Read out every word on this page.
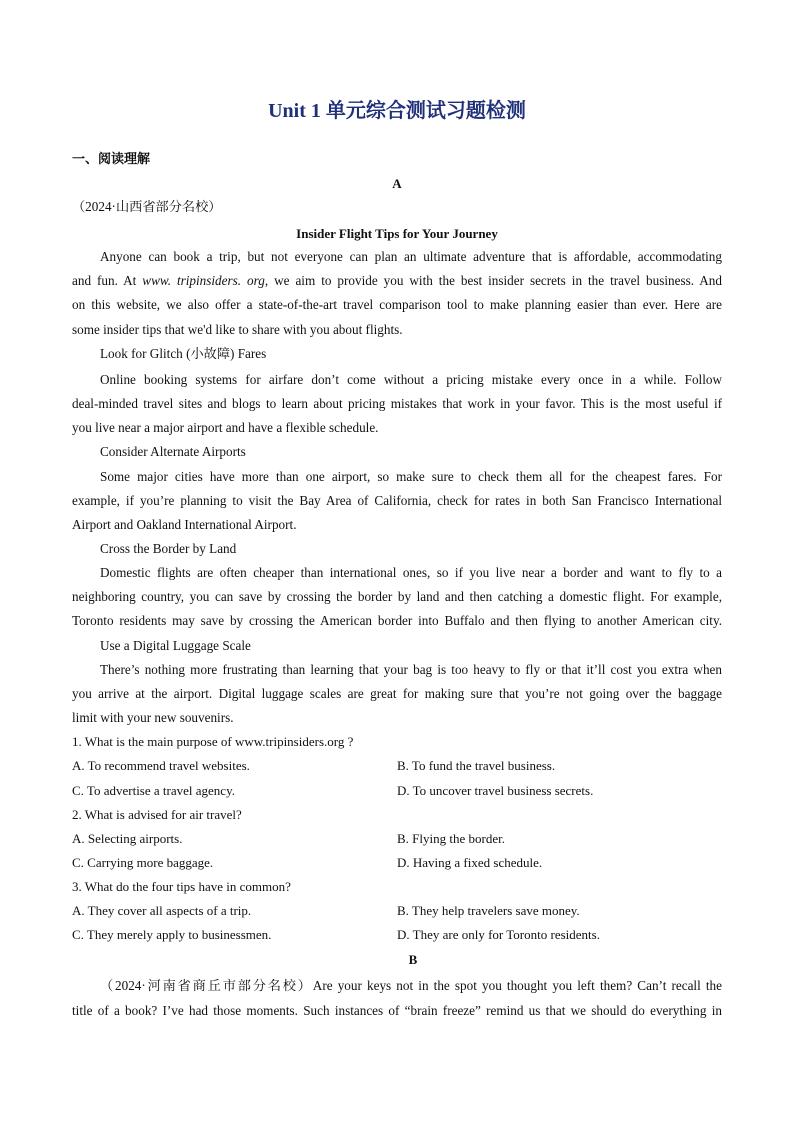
Unit 1 单元综合测试习题检测
一、阅读理解
A
（2024·山西省部分名校）
Insider Flight Tips for Your Journey
Anyone can book a trip, but not everyone can plan an ultimate adventure that is affordable, accommodating
and fun. At www. tripinsiders. org, we aim to provide you with the best insider secrets in the travel business. And
on this website, we also offer a state-of-the-art travel comparison tool to make planning easier than ever. Here are
some insider tips that we'd like to share with you about flights.
Look for Glitch (小故障) Fares
Online booking systems for airfare don’t come without a pricing mistake every once in a while. Follow
deal-minded travel sites and blogs to learn about pricing mistakes that work in your favor. This is the most useful if
you live near a major airport and have a flexible schedule.
Consider Alternate Airports
Some major cities have more than one airport, so make sure to check them all for the cheapest fares. For
example, if you’re planning to visit the Bay Area of California, check for rates in both San Francisco International
Airport and Oakland International Airport.
Cross the Border by Land
Domestic flights are often cheaper than international ones, so if you live near a border and want to fly to a
neighboring country, you can save by crossing the border by land and then catching a domestic flight. For example,
Toronto residents may save by crossing the American border into Buffalo and then flying to another American city.
Use a Digital Luggage Scale
There’s nothing more frustrating than learning that your bag is too heavy to fly or that it’ll cost you extra when
you arrive at the airport. Digital luggage scales are great for making sure that you’re not going over the baggage
limit with your new souvenirs.
1. What is the main purpose of www.tripinsiders.org ?
A. To recommend travel websites.	B. To fund the travel business.
C. To advertise a travel agency.	D. To uncover travel business secrets.
2. What is advised for air travel?
A. Selecting airports.	B. Flying the border.
C. Carrying more baggage.	D. Having a fixed schedule.
3. What do the four tips have in common?
A. They cover all aspects of a trip.	B. They help travelers save money.
C. They merely apply to businessmen.	D. They are only for Toronto residents.
B
（2024·河南省商丘市部分名校）Are your keys not in the spot you thought you left them? Can’t recall the
title of a book? I’ve had those moments. Such instances of “brain freeze” remind us that we should do everything in
